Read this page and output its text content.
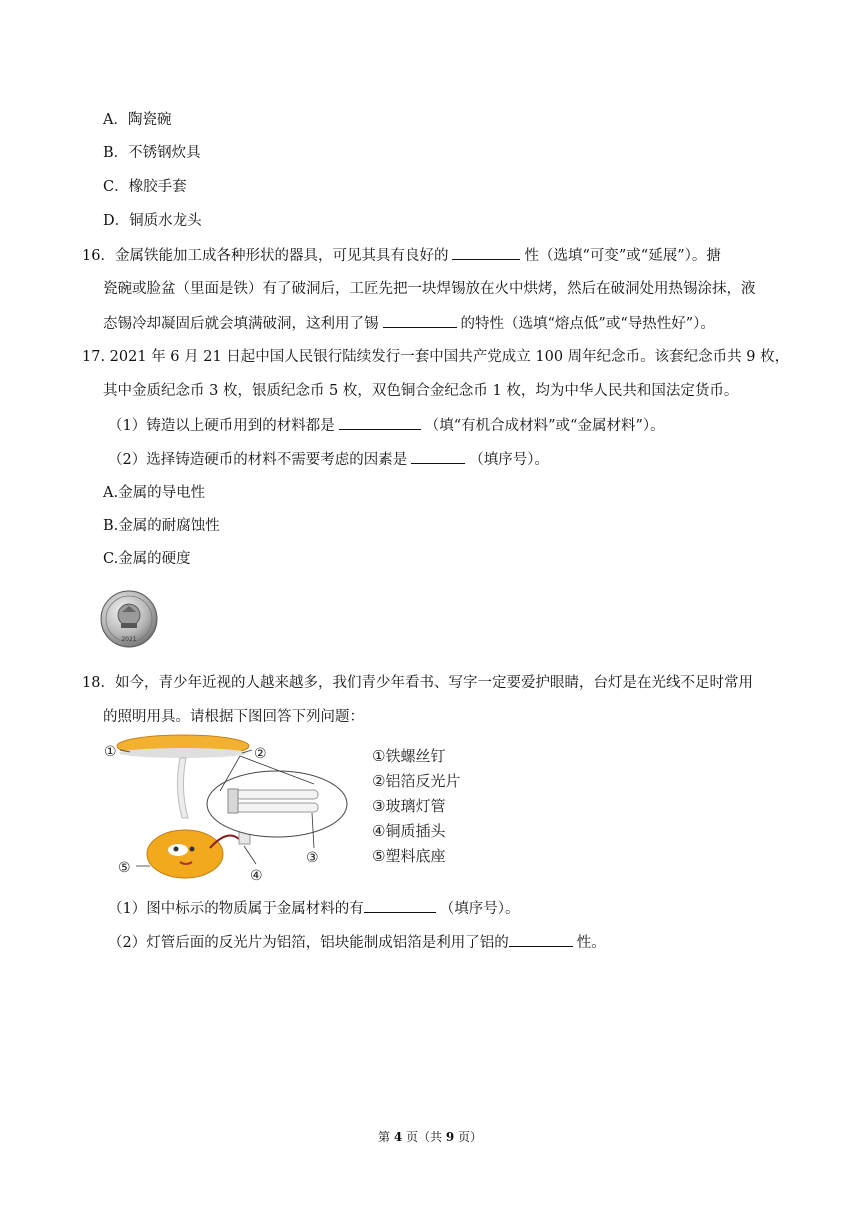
A．陶瓷碗
B．不锈钢炊具
C．橡胶手套
D．铜质水龙头
16．金属铁能加工成各种形状的器具，可见其具有良好的	性（选填“可变”或“延展”）。搪
瓷碗或脸盆（里面是铁）有了破洞后，工匠先把一块焊锡放在火中烘烤，然后在破洞处用热锡涂抹，液
态锡冷却凝固后就会填满破洞，这利用了锡	的特性（选填“熔点低”或“导热性好”）。
17. 2021 年 6 月 21 日起中国人民银行陆续发行一套中国共产党成立 100 周年纪念币。该套纪念币共 9 枚，
其中金质纪念币 3 枚，银质纪念币 5 枚，双色铜合金纪念币 1 枚，均为中华人民共和国法定货币。
（1）铸造以上硬币用到的材料都是	（填“有机合成材料”或“金属材料”）。
（2）选择铸造硬币的材料不需要考虑的因素是	（填序号）。
A.金属的导电性
B.金属的耐腐蚀性
C.金属的硬度
2021
18．如今，青少年近视的人越来越多，我们青少年看书、写字一定要爱护眼睛，台灯是在光线不足时常用
的照明用具。请根据下图回答下列问题：
①	②
③
④
⑤
①铁螺丝钉
②铝箔反光片
③玻璃灯管
④铜质插头
⑤塑料底座
（1）图中标示的物质属于金属材料的有	（填序号）。
（2）灯管后面的反光片为铝箔，铝块能制成铝箔是利用了铝的	性。
第 4 页（共 9 页）
